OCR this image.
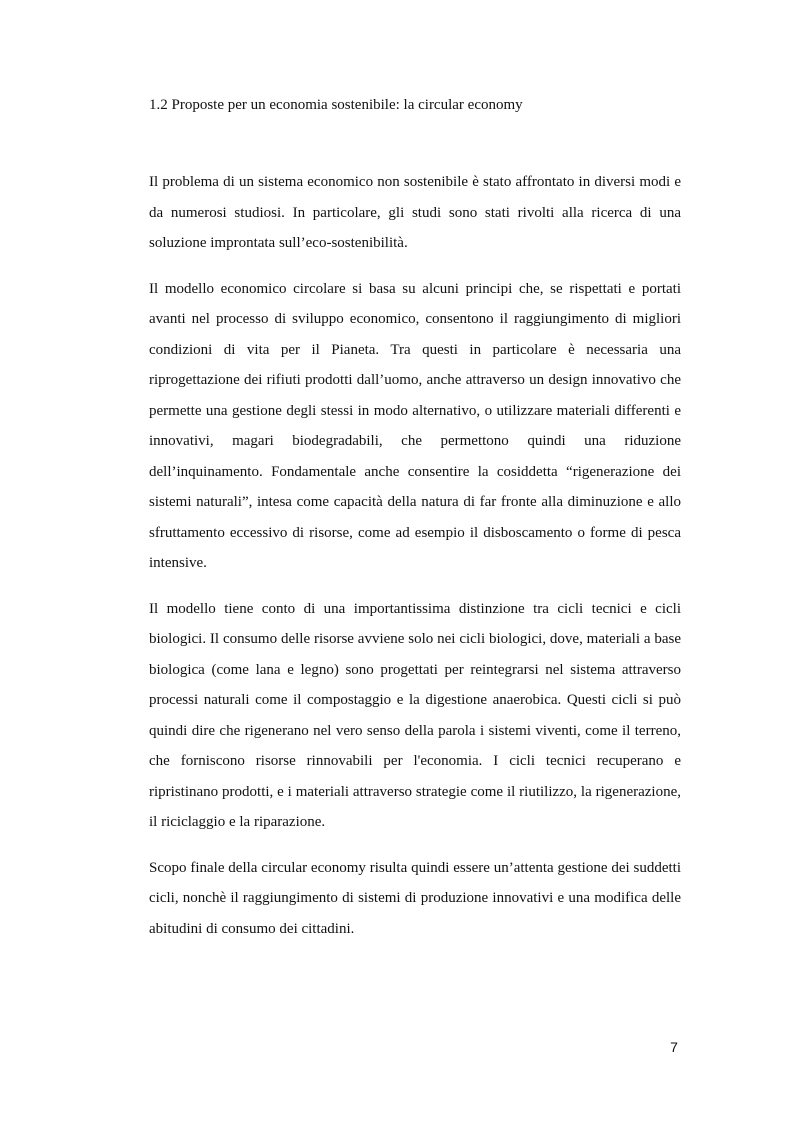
1.2 Proposte per un economia sostenibile: la circular economy

Il problema di un sistema economico non sostenibile è stato affrontato in diversi modi e da numerosi studiosi. In particolare, gli studi sono stati rivolti alla ricerca di una soluzione improntata sull’eco-sostenibilità.

Il modello economico circolare si basa su alcuni principi che, se rispettati e portati avanti nel processo di sviluppo economico, consentono il raggiungimento di migliori condizioni di vita per il Pianeta. Tra questi in particolare è necessaria una riprogettazione dei rifiuti prodotti dall’uomo, anche attraverso un design innovativo che permette una gestione degli stessi in modo alternativo, o utilizzare materiali differenti e innovativi, magari biodegradabili, che permettono quindi una riduzione dell’inquinamento. Fondamentale anche consentire la cosiddetta “rigenerazione dei sistemi naturali”, intesa come capacità della natura di far fronte alla diminuzione e allo sfruttamento eccessivo di risorse, come ad esempio il disboscamento o forme di pesca intensive.

Il modello tiene conto di una importantissima distinzione tra cicli tecnici e cicli biologici. Il consumo delle risorse avviene solo nei cicli biologici, dove, materiali a base biologica (come lana e legno) sono progettati per reintegrarsi nel sistema attraverso processi naturali come il compostaggio e la digestione anaerobica. Questi cicli si può quindi dire che rigenerano nel vero senso della parola i sistemi viventi, come il terreno, che forniscono risorse rinnovabili per l'economia. I cicli tecnici recuperano e ripristinano prodotti, e i materiali attraverso strategie come il riutilizzo, la rigenerazione, il riciclaggio e la riparazione.

Scopo finale della circular economy risulta quindi essere un’attenta gestione dei suddetti cicli, nonchè il raggiungimento di sistemi di produzione innovativi e una modifica delle abitudini di consumo dei cittadini.

7
